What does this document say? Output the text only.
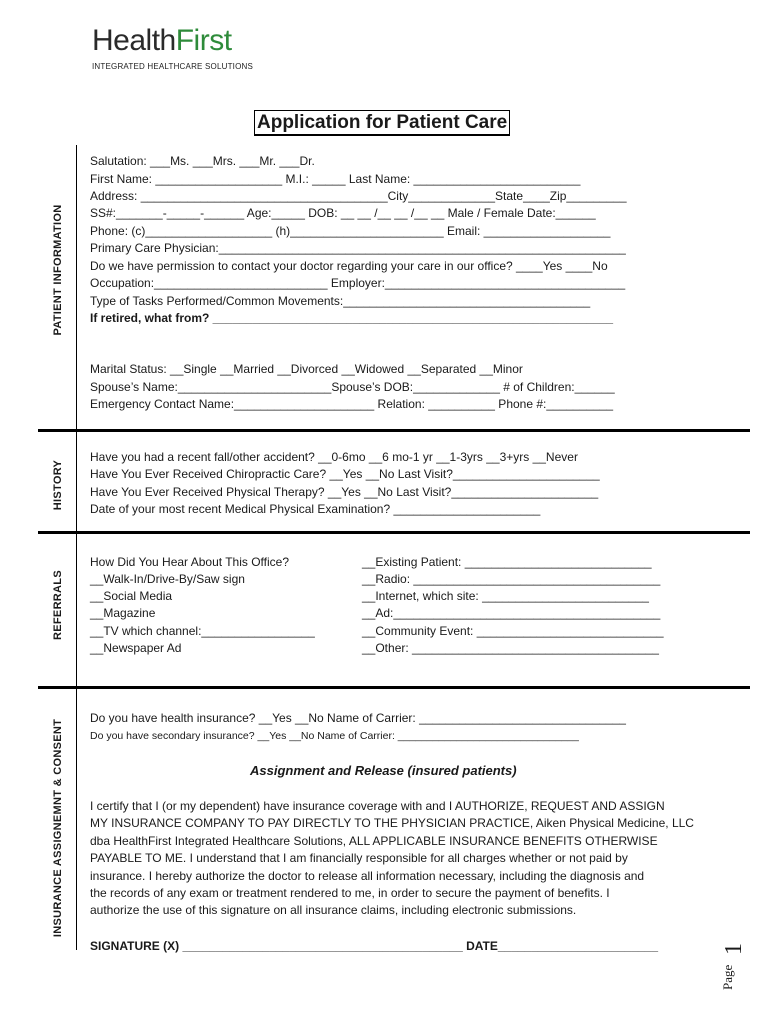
HealthFirst
INTEGRATED HEALTHCARE SOLUTIONS
Application for Patient Care
PATIENT INFORMATION
HISTORY
REFERRALS
INSURANCE ASSIGNEMNT & CONSENT
Salutation: ___Ms. ___Mrs. ___Mr. ___Dr.
First Name: ___________________ M.I.: _____ Last Name: _________________________
Address: _____________________________________City_____________State____Zip_________
SS#:_______-_____-______ Age:_____ DOB: __ __ /__ __ /__ __ Male / Female Date:______
Phone: (c)___________________ (h)_______________________ Email: ___________________
Primary Care Physician:_____________________________________________________________
Do we have permission to contact your doctor regarding your care in our office? ____Yes ____No
Occupation:__________________________ Employer:____________________________________
Type of Tasks Performed/Common Movements:_____________________________________
If retired, what from? ____________________________________________________________
Marital Status: __Single __Married __Divorced __Widowed __Separated __Minor
Spouse’s Name:_______________________Spouse’s DOB:_____________ # of Children:______
Emergency Contact Name:_____________________ Relation: __________ Phone #:__________
Have you had a recent fall/other accident? __0-6mo __6 mo-1 yr __1-3yrs __3+yrs __Never
Have You Ever Received Chiropractic Care? __Yes __No Last Visit?______________________
Have You Ever Received Physical Therapy? __Yes __No Last Visit?______________________
Date of your most recent Medical Physical Examination? ______________________
How Did You Hear About This Office?
__Walk-In/Drive-By/Saw sign
__Social Media
__Magazine
__TV which channel:_________________
__Newspaper Ad
__Existing Patient: ____________________________
__Radio: _____________________________________
__Internet, which site: _________________________
__Ad:________________________________________
__Community Event: ____________________________
__Other: _____________________________________
Do you have health insurance? __Yes __No Name of Carrier: _______________________________
Do you have secondary insurance? __Yes __No Name of Carrier: _______________________________
Assignment and Release (insured patients)
I certify that I (or my dependent) have insurance coverage with and I AUTHORIZE, REQUEST AND ASSIGN
MY INSURANCE COMPANY TO PAY DIRECTLY TO THE PHYSICIAN PRACTICE, Aiken Physical Medicine, LLC
dba HealthFirst Integrated Healthcare Solutions, ALL APPLICABLE INSURANCE BENEFITS OTHERWISE
PAYABLE TO ME. I understand that I am financially responsible for all charges whether or not paid by
insurance. I hereby authorize the doctor to release all information necessary, including the diagnosis and
the records of any exam or treatment rendered to me, in order to secure the payment of benefits. I
authorize the use of this signature on all insurance claims, including electronic submissions.
SIGNATURE (X) __________________________________________ DATE________________________
Page
1
